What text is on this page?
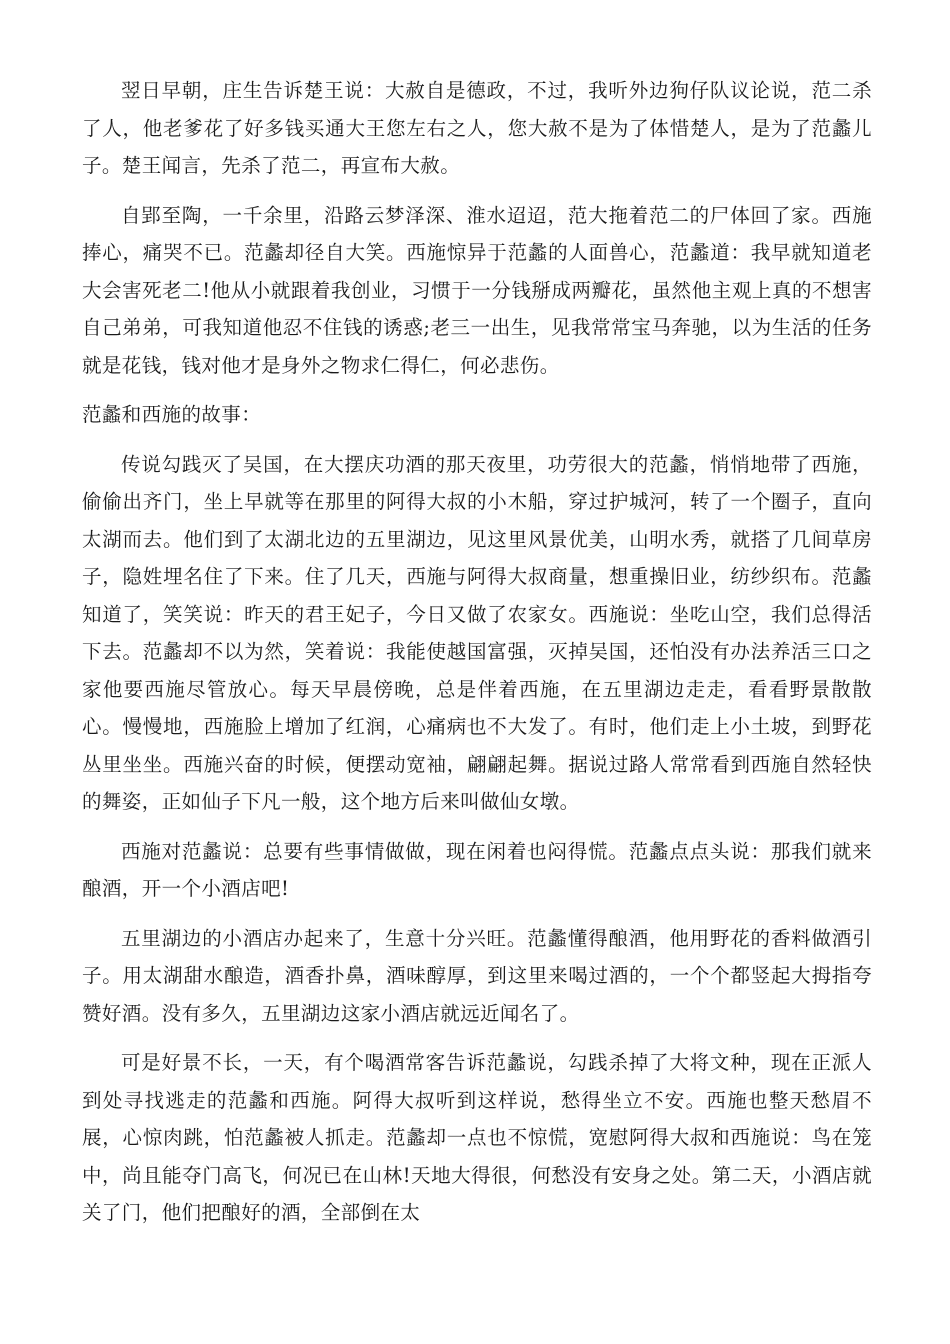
翌日早朝，庄生告诉楚王说：大赦自是德政，不过，我听外边狗仔队议论说，范二杀了人，他老爹花了好多钱买通大王您左右之人，您大赦不是为了体惜楚人，是为了范蠡儿子。楚王闻言，先杀了范二，再宣布大赦。

自郢至陶，一千余里，沿路云梦泽深、淮水迢迢，范大拖着范二的尸体回了家。西施捧心，痛哭不已。范蠡却径自大笑。西施惊异于范蠡的人面兽心，范蠡道：我早就知道老大会害死老二!他从小就跟着我创业，习惯于一分钱掰成两瓣花，虽然他主观上真的不想害自己弟弟，可我知道他忍不住钱的诱惑;老三一出生，见我常常宝马奔驰，以为生活的任务就是花钱，钱对他才是身外之物求仁得仁，何必悲伤。

范蠡和西施的故事：

传说勾践灭了吴国，在大摆庆功酒的那天夜里，功劳很大的范蠡，悄悄地带了西施，偷偷出齐门，坐上早就等在那里的阿得大叔的小木船，穿过护城河，转了一个圈子，直向太湖而去。他们到了太湖北边的五里湖边，见这里风景优美，山明水秀，就搭了几间草房子，隐姓埋名住了下来。住了几天，西施与阿得大叔商量，想重操旧业，纺纱织布。范蠡知道了，笑笑说：昨天的君王妃子，今日又做了农家女。西施说：坐吃山空，我们总得活下去。范蠡却不以为然，笑着说：我能使越国富强，灭掉吴国，还怕没有办法养活三口之家他要西施尽管放心。每天早晨傍晚，总是伴着西施，在五里湖边走走，看看野景散散心。慢慢地，西施脸上增加了红润，心痛病也不大发了。有时，他们走上小土坡，到野花丛里坐坐。西施兴奋的时候，便摆动宽袖，翩翩起舞。据说过路人常常看到西施自然轻快的舞姿，正如仙子下凡一般，这个地方后来叫做仙女墩。

西施对范蠡说：总要有些事情做做，现在闲着也闷得慌。范蠡点点头说：那我们就来酿酒，开一个小酒店吧!

五里湖边的小酒店办起来了，生意十分兴旺。范蠡懂得酿酒，他用野花的香料做酒引子。用太湖甜水酿造，酒香扑鼻，酒味醇厚，到这里来喝过酒的，一个个都竖起大拇指夸赞好酒。没有多久，五里湖边这家小酒店就远近闻名了。

可是好景不长，一天，有个喝酒常客告诉范蠡说，勾践杀掉了大将文种，现在正派人到处寻找逃走的范蠡和西施。阿得大叔听到这样说，愁得坐立不安。西施也整天愁眉不展，心惊肉跳，怕范蠡被人抓走。范蠡却一点也不惊慌，宽慰阿得大叔和西施说：鸟在笼中，尚且能夺门高飞，何况已在山林!天地大得很，何愁没有安身之处。第二天，小酒店就关了门，他们把酿好的酒，全部倒在太
